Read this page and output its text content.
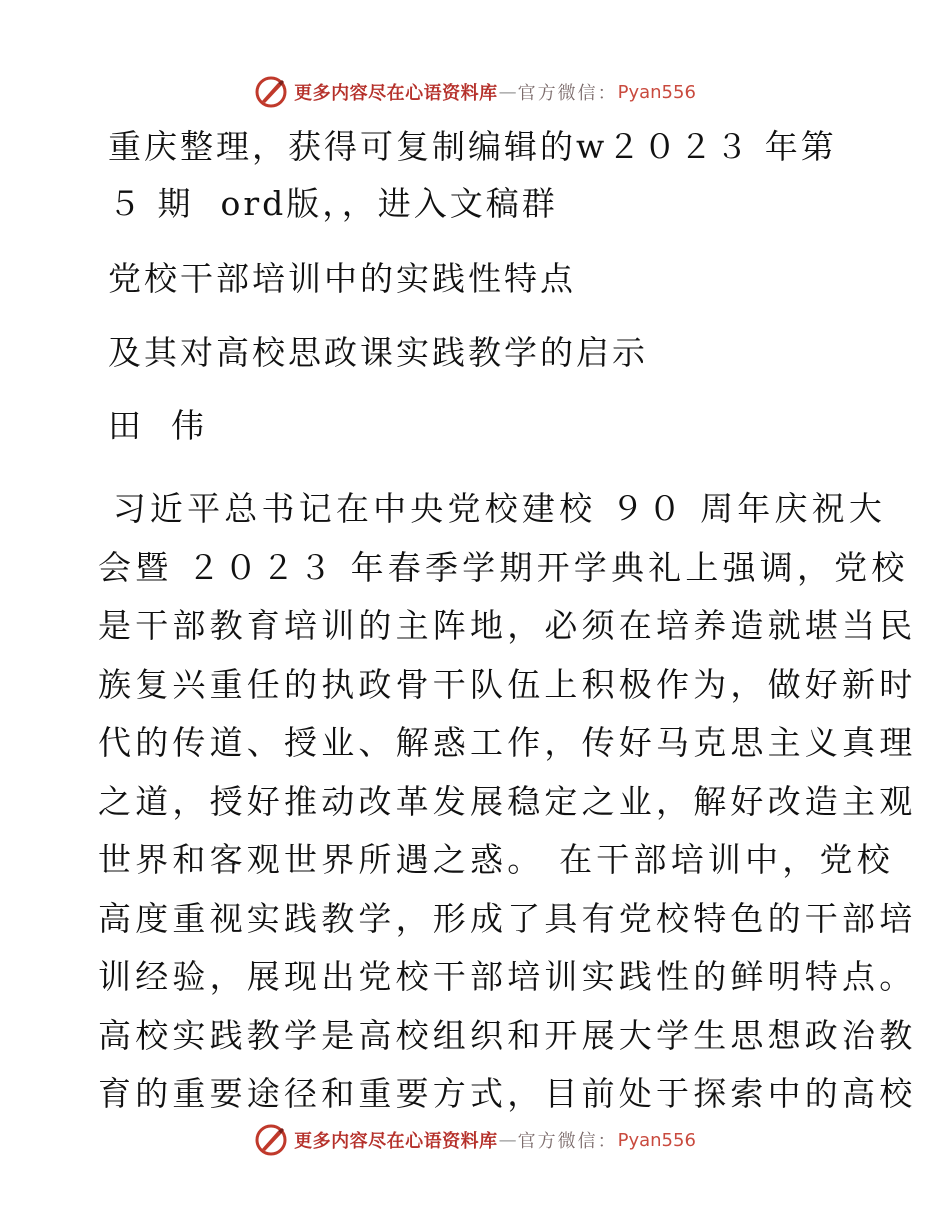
更多内容尽在心语资料库 — 官方微信： Pyan556
重庆整理，获得可复制编辑的w２０２３ 年第
５ 期  ord版，，进入文稿群
党校干部培训中的实践性特点
及其对高校思政课实践教学的启示
田  伟
习近平总书记在中央党校建校 ９０ 周年庆祝大
会暨 ２０２３ 年春季学期开学典礼上强调，党校
是干部教育培训的主阵地，必须在培养造就堪当民
族复兴重任的执政骨干队伍上积极作为，做好新时
代的传道、授业、解惑工作，传好马克思主义真理
之道，授好推动改革发展稳定之业，解好改造主观
世界和客观世界所遇之惑。 在干部培训中，党校
高度重视实践教学，形成了具有党校特色的干部培
训经验，展现出党校干部培训实践性的鲜明特点。
高校实践教学是高校组织和开展大学生思想政治教
育的重要途径和重要方式，目前处于探索中的高校
更多内容尽在心语资料库 — 官方微信： Pyan556
